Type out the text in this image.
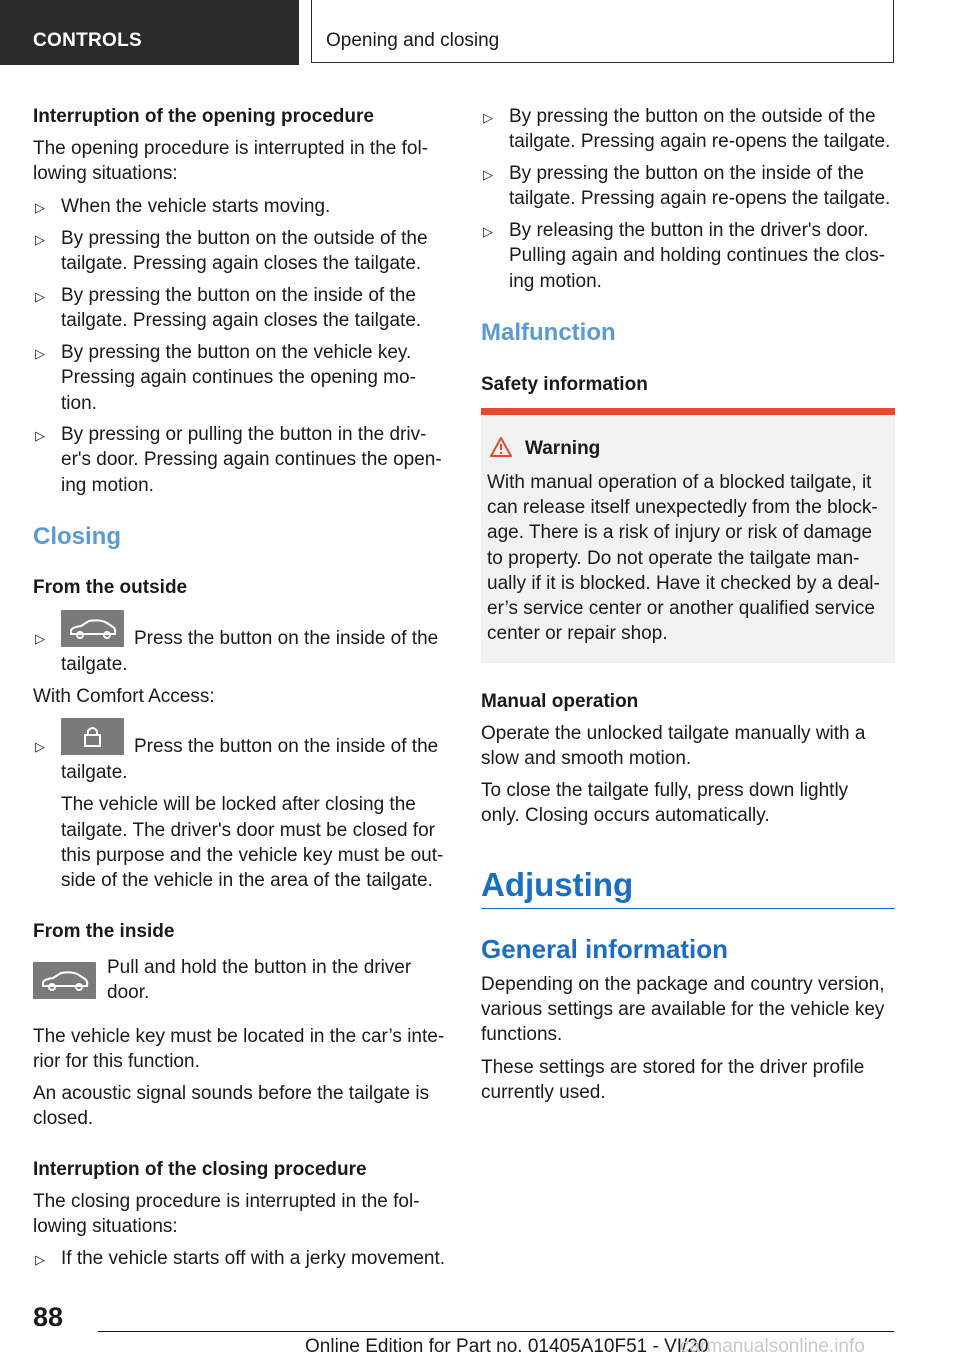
CONTROLS	Opening and closing
Interruption of the opening procedure
The opening procedure is interrupted in the fol-
lowing situations:
▷ When the vehicle starts moving.
▷ By pressing the button on the outside of the
tailgate. Pressing again closes the tailgate.
▷ By pressing the button on the inside of the
tailgate. Pressing again closes the tailgate.
▷ By pressing the button on the vehicle key.
Pressing again continues the opening mo-
tion.
▷ By pressing or pulling the button in the driv-
er's door. Pressing again continues the open-
ing motion.
Closing
From the outside
▷	Press the button on the inside of the
tailgate.
With Comfort Access:
▷	Press the button on the inside of the
tailgate.
The vehicle will be locked after closing the
tailgate. The driver's door must be closed for
this purpose and the vehicle key must be out-
side of the vehicle in the area of the tailgate.
From the inside
Pull and hold the button in the driver
door.
The vehicle key must be located in the car’s inte-
rior for this function.
An acoustic signal sounds before the tailgate is
closed.
Interruption of the closing procedure
The closing procedure is interrupted in the fol-
lowing situations:
▷ If the vehicle starts off with a jerky movement.
▷ By pressing the button on the outside of the
tailgate. Pressing again re-opens the tailgate.
▷ By pressing the button on the inside of the
tailgate. Pressing again re-opens the tailgate.
▷ By releasing the button in the driver's door.
Pulling again and holding continues the clos-
ing motion.
Malfunction
Safety information
Warning
With manual operation of a blocked tailgate, it
can release itself unexpectedly from the block-
age. There is a risk of injury or risk of damage
to property. Do not operate the tailgate man-
ually if it is blocked. Have it checked by a deal-
er’s service center or another qualified service
center or repair shop.
Manual operation
Operate the unlocked tailgate manually with a
slow and smooth motion.
To close the tailgate fully, press down lightly
only. Closing occurs automatically.
Adjusting
General information
Depending on the package and country version,
various settings are available for the vehicle key
functions.
These settings are stored for the driver profile
currently used.
88
Online Edition for Part no. 01405A10F51 - VI/20
carmanualsonline.info
